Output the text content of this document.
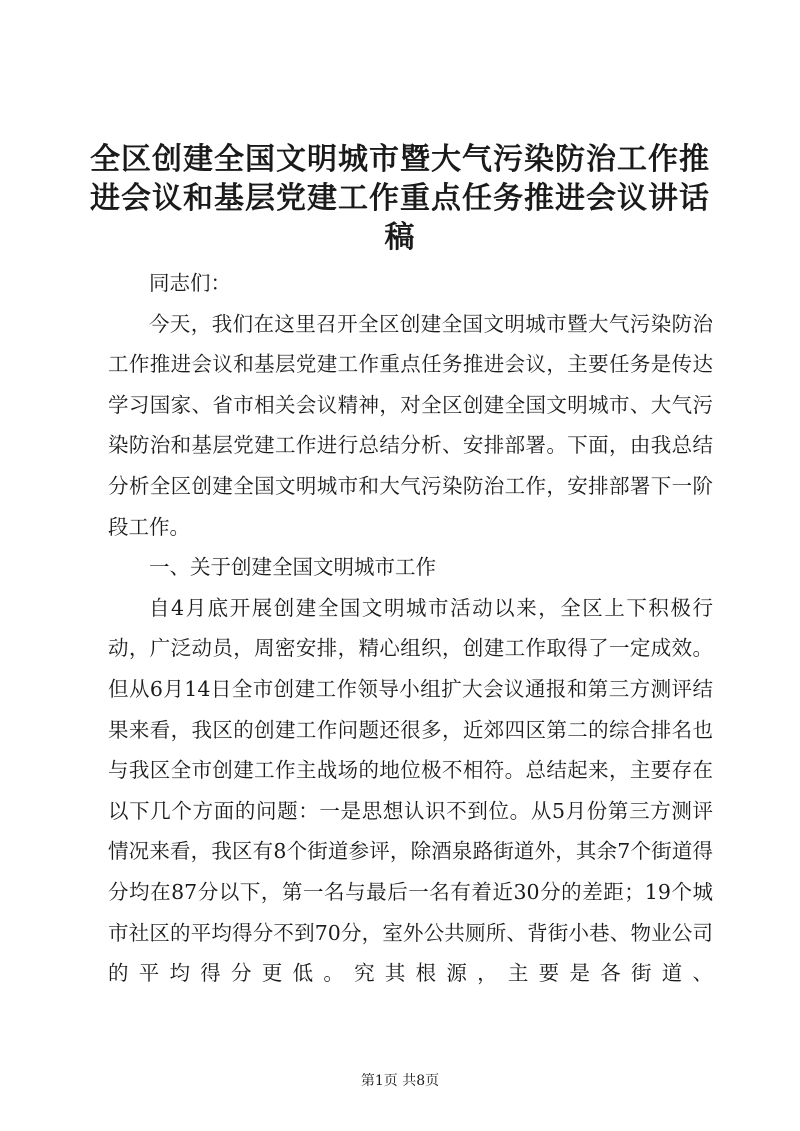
全区创建全国文明城市暨大气污染防治工作推
进会议和基层党建工作重点任务推进会议讲话
稿

同志们：

今天，我们在这里召开全区创建全国文明城市暨大气污染防治工作推进会议和基层党建工作重点任务推进会议，主要任务是传达学习国家、省市相关会议精神，对全区创建全国文明城市、大气污染防治和基层党建工作进行总结分析、安排部署。下面，由我总结分析全区创建全国文明城市和大气污染防治工作，安排部署下一阶段工作。

一、关于创建全国文明城市工作

自4月底开展创建全国文明城市活动以来，全区上下积极行动，广泛动员，周密安排，精心组织，创建工作取得了一定成效。但从6月14日全市创建工作领导小组扩大会议通报和第三方测评结果来看，我区的创建工作问题还很多，近郊四区第二的综合排名也与我区全市创建工作主战场的地位极不相符。总结起来，主要存在以下几个方面的问题：一是思想认识不到位。从5月份第三方测评情况来看，我区有8个街道参评，除酒泉路街道外，其余7个街道得分均在87分以下，第一名与最后一名有着近30分的差距；19个城市社区的平均得分不到70分，室外公共厕所、背街小巷、物业公司的平均得分更低。究其根源，主要是各街道、

第1页 共8页
